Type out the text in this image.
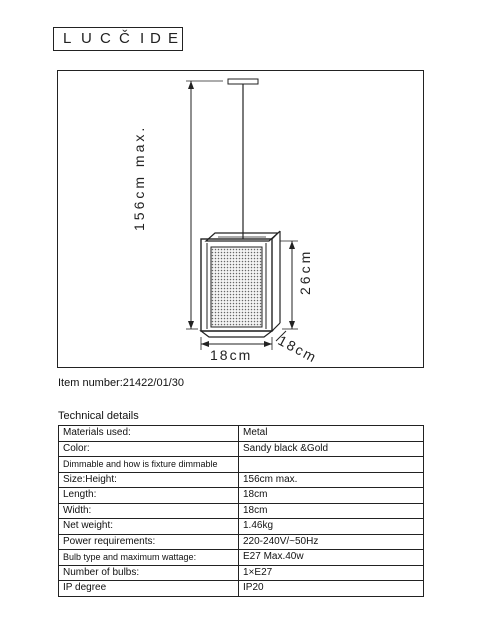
L U C Č I D E
156cm max.
26cm
18cm 18cm
Item number:21422/01/30
Technical details
Materials used:	Metal
Color:	Sandy black &Gold
Dimmable and how is fixture dimmable	
Size:Height:	156cm max.
Length:	18cm
Width:	18cm
Net weight:	1.46kg
Power requirements:	220-240V/~50Hz
Bulb type and maximum wattage:	E27 Max.40w
Number of bulbs:	1×E27
IP degree	IP20
